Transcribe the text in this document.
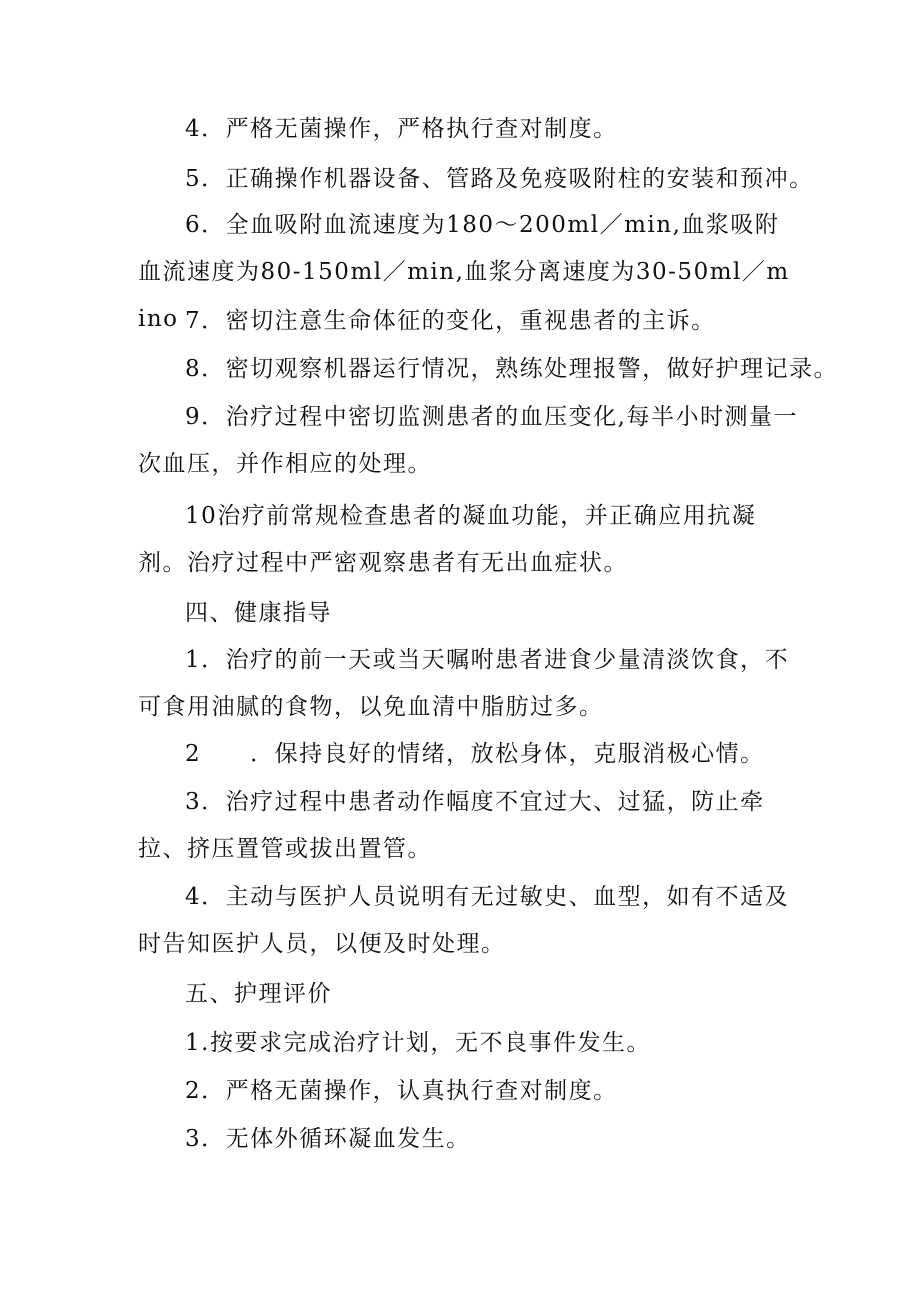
4．严格无菌操作，严格执行查对制度。

5．正确操作机器设备、管路及免疫吸附柱的安装和预冲。

6．全血吸附血流速度为180～200ml／min,血浆吸附血流速度为80-150ml／min,血浆分离速度为30-50ml／mino 7．密切注意生命体征的变化，重视患者的主诉。

8．密切观察机器运行情况，熟练处理报警，做好护理记录。

9．治疗过程中密切监测患者的血压变化,每半小时测量一次血压，并作相应的处理。

10治疗前常规检查患者的凝血功能，并正确应用抗凝剂。治疗过程中严密观察患者有无出血症状。

四、健康指导

1．治疗的前一天或当天嘱咐患者进食少量清淡饮食，不可食用油腻的食物，以免血清中脂肪过多。

2　　．保持良好的情绪，放松身体，克服消极心情。

3．治疗过程中患者动作幅度不宜过大、过猛，防止牵拉、挤压置管或拔出置管。

4．主动与医护人员说明有无过敏史、血型，如有不适及时告知医护人员，以便及时处理。

五、护理评价

1.按要求完成治疗计划，无不良事件发生。

2．严格无菌操作，认真执行查对制度。

3．无体外循环凝血发生。
